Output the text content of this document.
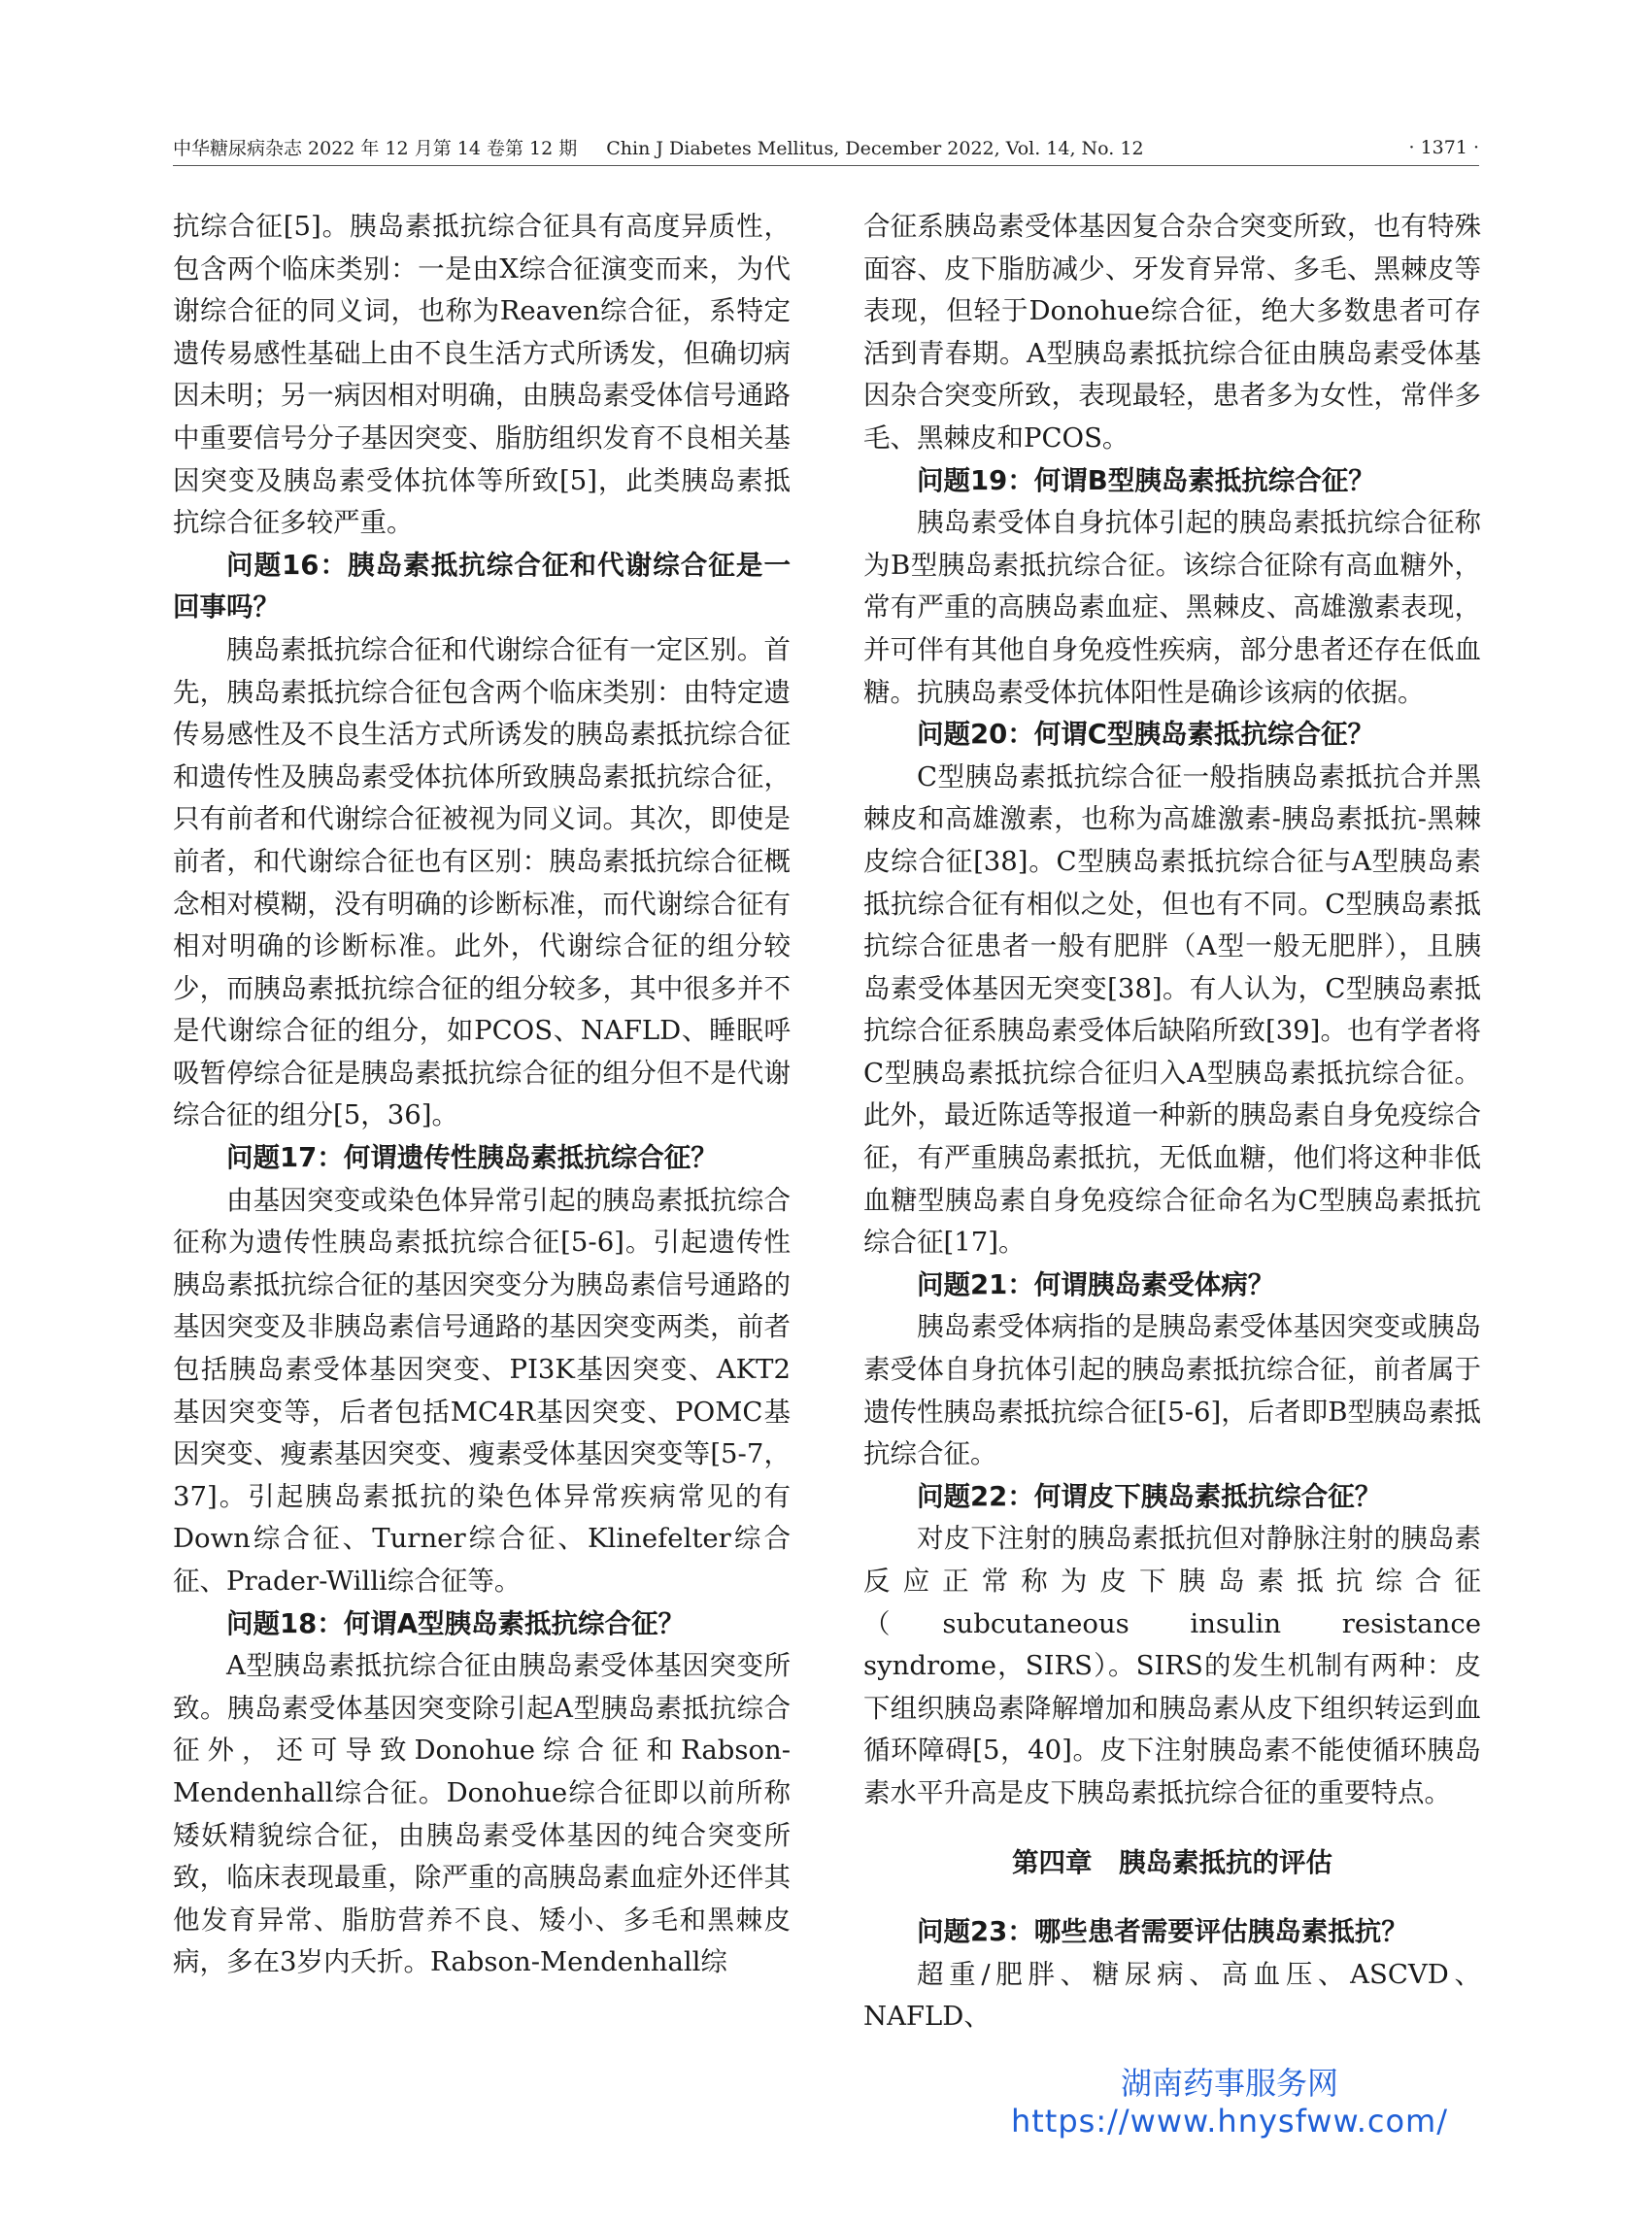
中华糖尿病杂志 2022 年 12 月第 14 卷第 12 期 Chin J Diabetes Mellitus, December 2022, Vol. 14, No. 12	· 1371 ·

抗综合征[5]。胰岛素抵抗综合征具有高度异质性，包含两个临床类别：一是由X综合征演变而来，为代谢综合征的同义词，也称为Reaven综合征，系特定遗传易感性基础上由不良生活方式所诱发，但确切病因未明；另一病因相对明确，由胰岛素受体信号通路中重要信号分子基因突变、脂肪组织发育不良相关基因突变及胰岛素受体抗体等所致[5]，此类胰岛素抵抗综合征多较严重。

问题16：胰岛素抵抗综合征和代谢综合征是一回事吗？

胰岛素抵抗综合征和代谢综合征有一定区别。首先，胰岛素抵抗综合征包含两个临床类别：由特定遗传易感性及不良生活方式所诱发的胰岛素抵抗综合征和遗传性及胰岛素受体抗体所致胰岛素抵抗综合征，只有前者和代谢综合征被视为同义词。其次，即使是前者，和代谢综合征也有区别：胰岛素抵抗综合征概念相对模糊，没有明确的诊断标准，而代谢综合征有相对明确的诊断标准。此外，代谢综合征的组分较少，而胰岛素抵抗综合征的组分较多，其中很多并不是代谢综合征的组分，如PCOS、NAFLD、睡眠呼吸暂停综合征是胰岛素抵抗综合征的组分但不是代谢综合征的组分[5，36]。

问题17：何谓遗传性胰岛素抵抗综合征？

由基因突变或染色体异常引起的胰岛素抵抗综合征称为遗传性胰岛素抵抗综合征[5-6]。引起遗传性胰岛素抵抗综合征的基因突变分为胰岛素信号通路的基因突变及非胰岛素信号通路的基因突变两类，前者包括胰岛素受体基因突变、PI3K基因突变、AKT2基因突变等，后者包括MC4R基因突变、POMC基因突变、瘦素基因突变、瘦素受体基因突变等[5-7，37]。引起胰岛素抵抗的染色体异常疾病常见的有Down综合征、Turner综合征、Klinefelter综合征、Prader-Willi综合征等。

问题18：何谓A型胰岛素抵抗综合征？

A型胰岛素抵抗综合征由胰岛素受体基因突变所致。胰岛素受体基因突变除引起A型胰岛素抵抗综合征外，还可导致Donohue综合征和Rabson-Mendenhall综合征。Donohue综合征即以前所称矮妖精貌综合征，由胰岛素受体基因的纯合突变所致，临床表现最重，除严重的高胰岛素血症外还伴其他发育异常、脂肪营养不良、矮小、多毛和黑棘皮病，多在3岁内夭折。Rabson-Mendenhall综

合征系胰岛素受体基因复合杂合突变所致，也有特殊面容、皮下脂肪减少、牙发育异常、多毛、黑棘皮等表现，但轻于Donohue综合征，绝大多数患者可存活到青春期。A型胰岛素抵抗综合征由胰岛素受体基因杂合突变所致，表现最轻，患者多为女性，常伴多毛、黑棘皮和PCOS。

问题19：何谓B型胰岛素抵抗综合征？

胰岛素受体自身抗体引起的胰岛素抵抗综合征称为B型胰岛素抵抗综合征。该综合征除有高血糖外，常有严重的高胰岛素血症、黑棘皮、高雄激素表现，并可伴有其他自身免疫性疾病，部分患者还存在低血糖。抗胰岛素受体抗体阳性是确诊该病的依据。

问题20：何谓C型胰岛素抵抗综合征？

C型胰岛素抵抗综合征一般指胰岛素抵抗合并黑棘皮和高雄激素，也称为高雄激素-胰岛素抵抗-黑棘皮综合征[38]。C型胰岛素抵抗综合征与A型胰岛素抵抗综合征有相似之处，但也有不同。C型胰岛素抵抗综合征患者一般有肥胖（A型一般无肥胖），且胰岛素受体基因无突变[38]。有人认为，C型胰岛素抵抗综合征系胰岛素受体后缺陷所致[39]。也有学者将C型胰岛素抵抗综合征归入A型胰岛素抵抗综合征。此外，最近陈适等报道一种新的胰岛素自身免疫综合征，有严重胰岛素抵抗，无低血糖，他们将这种非低血糖型胰岛素自身免疫综合征命名为C型胰岛素抵抗综合征[17]。

问题21：何谓胰岛素受体病？

胰岛素受体病指的是胰岛素受体基因突变或胰岛素受体自身抗体引起的胰岛素抵抗综合征，前者属于遗传性胰岛素抵抗综合征[5-6]，后者即B型胰岛素抵抗综合征。

问题22：何谓皮下胰岛素抵抗综合征？

对皮下注射的胰岛素抵抗但对静脉注射的胰岛素反应正常称为皮下胰岛素抵抗综合征（subcutaneous insulin resistance syndrome，SIRS）。SIRS的发生机制有两种：皮下组织胰岛素降解增加和胰岛素从皮下组织转运到血循环障碍[5，40]。皮下注射胰岛素不能使循环胰岛素水平升高是皮下胰岛素抵抗综合征的重要特点。

第四章　胰岛素抵抗的评估
问题23：哪些患者需要评估胰岛素抵抗？

超重/肥胖、糖尿病、高血压、ASCVD、NAFLD、

湖南药事服务网
https://www.hnysfww.com/
